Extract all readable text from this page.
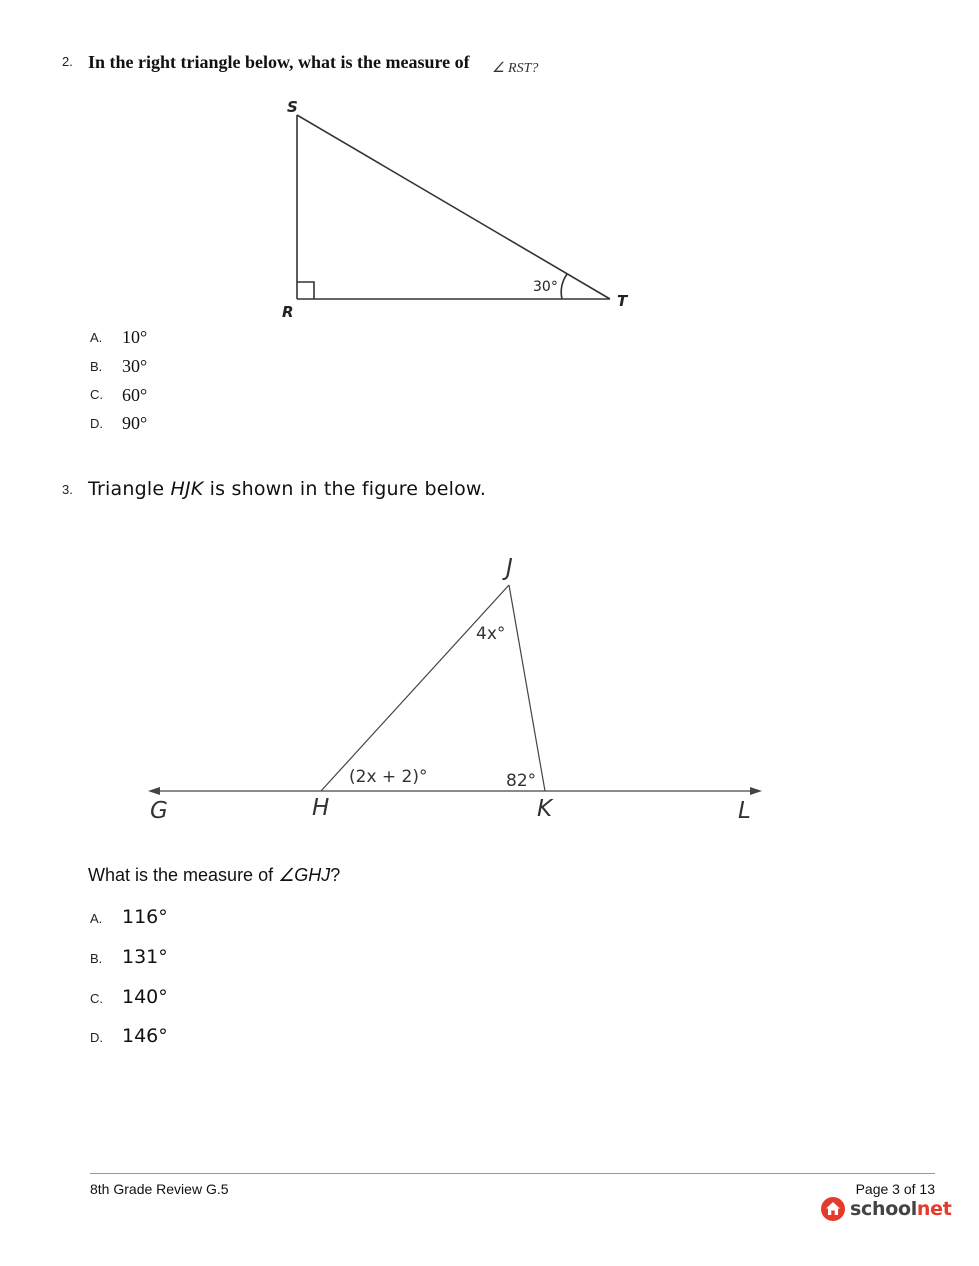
2. In the right triangle below, what is the measure of ∠ RST?
S
R
T
30°
A. 10°
B. 30°
C. 60°
D. 90°
3. Triangle HJK is shown in the figure below.
G	H
J
K	L
4x°
(2x + 2)°	82°
What is the measure of ∠GHJ?
A. 116°
B. 131°
C. 140°
D. 146°
8th Grade Review G.5	Page 3 of 13
school net
